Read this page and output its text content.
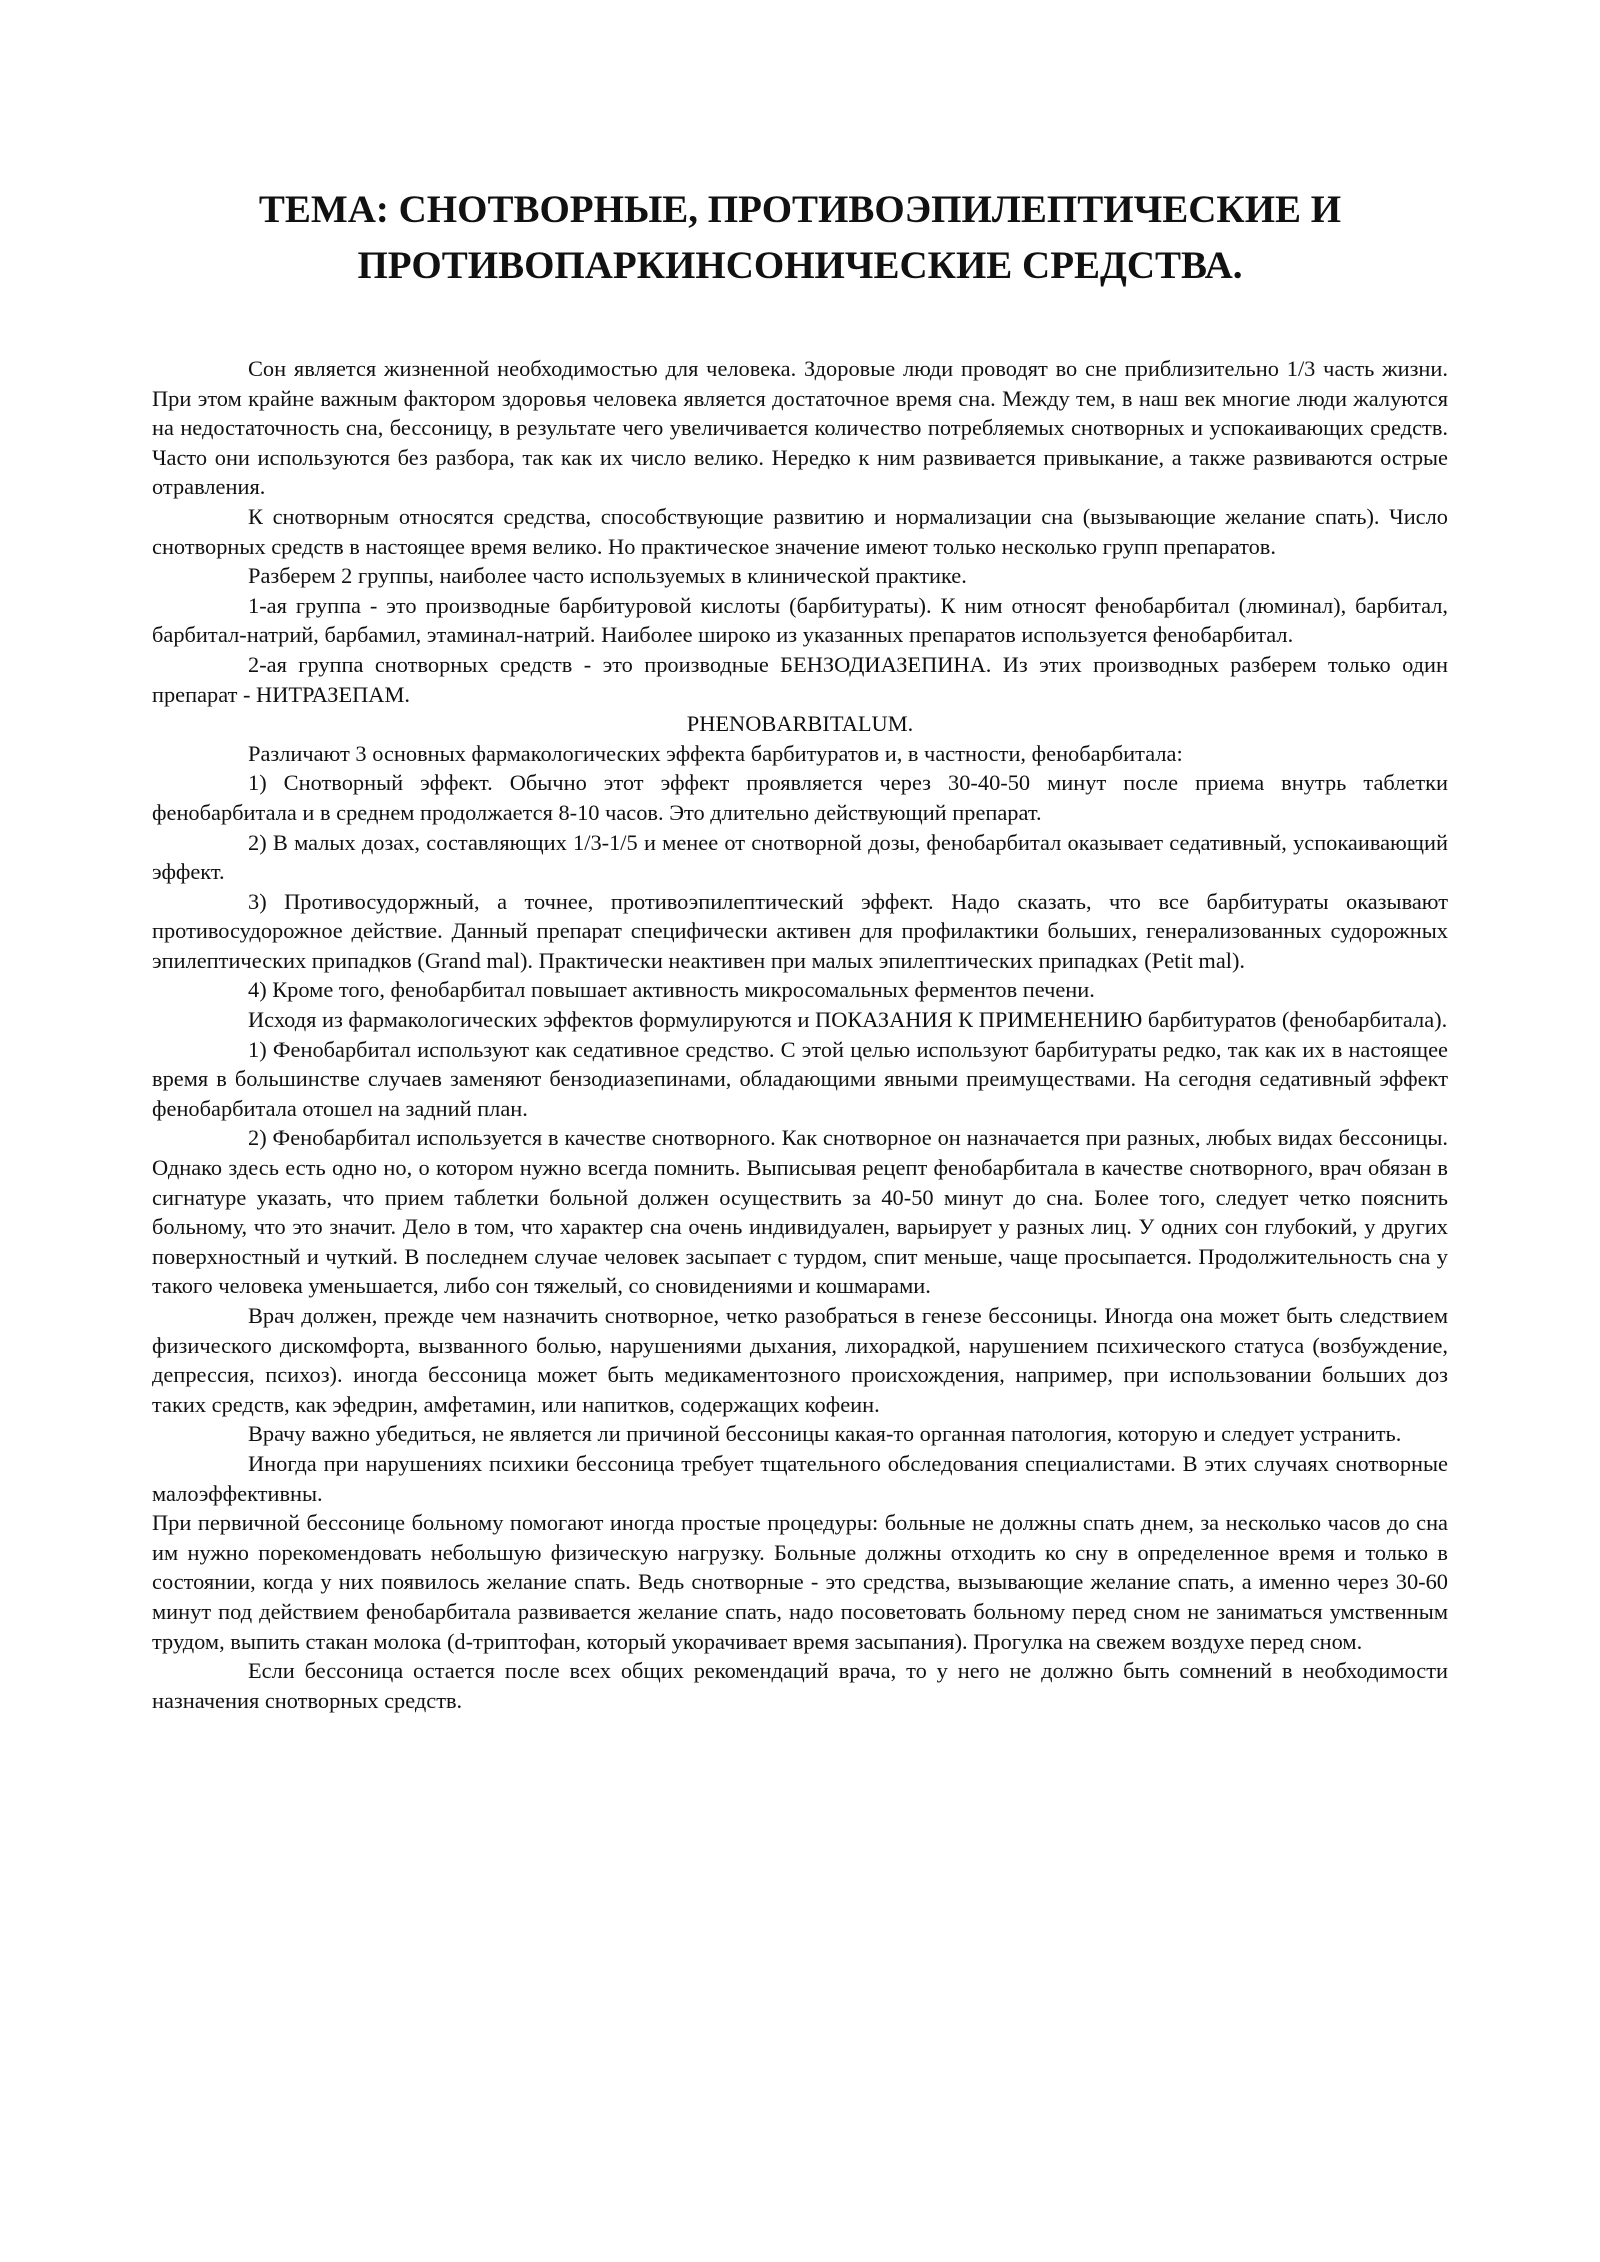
ТЕМА: СНОТВОРНЫЕ, ПРОТИВОЭПИЛЕПТИЧЕСКИЕ И
ПРОТИВОПАРКИНСОНИЧЕСКИЕ СРЕДСТВА.

Сон является жизненной необходимостью для человека. Здоровые люди проводят во сне приблизительно 1/3 часть жизни. При этом крайне важным фактором здоровья человека является достаточное время сна. Между тем, в наш век многие люди жалуются на недостаточность сна, бессоницу, в результате чего увеличивается количество потребляемых снотворных и успокаивающих средств. Часто они используются без разбора, так как их число велико. Нередко к ним развивается привыкание, а также развиваются острые отравления.

К снотворным относятся средства, способствующие развитию и нормализации сна (вызывающие желание спать). Число снотворных средств в настоящее время велико. Но практическое значение имеют только несколько групп препаратов.

Разберем 2 группы, наиболее часто используемых в клинической практике.

1-ая группа - это производные барбитуровой кислоты (барбитураты). К ним относят фенобарбитал (люминал), барбитал, барбитал-натрий, барбамил, этаминал-натрий. Наиболее широко из указанных препаратов используется фенобарбитал.

2-ая группа снотворных средств - это производные БЕНЗОДИАЗЕПИНА. Из этих производных разберем только один препарат - НИТРАЗЕПАМ.

PHENOBARBITALUM.

Различают 3 основных фармакологических эффекта барбитуратов и, в частности, фенобарбитала:

1) Снотворный эффект. Обычно этот эффект проявляется через 30-40-50 минут после приема внутрь таблетки фенобарбитала и в среднем продолжается 8-10 часов. Это длительно действующий препарат.

2) В малых дозах, составляющих 1/3-1/5 и менее от снотворной дозы, фенобарбитал оказывает седативный, успокаивающий эффект.

3) Противосудоржный, а точнее, противоэпилептический эффект. Надо сказать, что все барбитураты оказывают противосудорожное действие. Данный препарат специфически активен для профилактики больших, генерализованных судорожных эпилептических припадков (Grand mal). Практически неактивен при малых эпилептических припадках (Petit mal).

4) Кроме того, фенобарбитал повышает активность микросомальных ферментов печени.

Исходя из фармакологических эффектов формулируются и ПОКАЗАНИЯ К ПРИМЕНЕНИЮ барбитуратов (фенобарбитала).

1) Фенобарбитал используют как седативное средство. С этой целью используют барбитураты редко, так как их в настоящее время в большинстве случаев заменяют бензодиазепинами, обладающими явными преимуществами. На сегодня седативный эффект фенобарбитала отошел на задний план.

2) Фенобарбитал используется в качестве снотворного. Как снотворное он назначается при разных, любых видах бессоницы. Однако здесь есть одно но, о котором нужно всегда помнить. Выписывая рецепт фенобарбитала в качестве снотворного, врач обязан в сигнатуре указать, что прием таблетки больной должен осуществить за 40-50 минут до сна. Более того, следует четко пояснить больному, что это значит. Дело в том, что характер сна очень индивидуален, варьирует у разных лиц. У одних сон глубокий, у других поверхностный и чуткий. В последнем случае человек засыпает с турдом, спит меньше, чаще просыпается. Продолжительность сна у такого человека уменьшается, либо сон тяжелый, со сновидениями и кошмарами.

Врач должен, прежде чем назначить снотворное, четко разобраться в генезе бессоницы. Иногда она может быть следствием физического дискомфорта, вызванного болью, нарушениями дыхания, лихорадкой, нарушением психического статуса (возбуждение, депрессия, психоз). иногда бессоница может быть медикаментозного происхождения, например, при использовании больших доз таких средств, как эфедрин, амфетамин, или напитков, содержащих кофеин.

Врачу важно убедиться, не является ли причиной бессоницы какая-то органная патология, которую и следует устранить.

Иногда при нарушениях психики бессоница требует тщательного обследования специалистами. В этих случаях снотворные малоэффективны.

При первичной бессонице больному помогают иногда простые процедуры: больные не должны спать днем, за несколько часов до сна им нужно порекомендовать небольшую физическую нагрузку. Больные должны отходить ко сну в определенное время и только в состоянии, когда у них появилось желание спать. Ведь снотворные - это средства, вызывающие желание спать, а именно через 30-60 минут под действием фенобарбитала развивается желание спать, надо посоветовать больному перед сном не заниматься умственным трудом, выпить стакан молока (d-триптофан, который укорачивает время засыпания). Прогулка на свежем воздухе перед сном.

Если бессоница остается после всех общих рекомендаций врача, то у него не должно быть сомнений в необходимости назначения снотворных средств.
